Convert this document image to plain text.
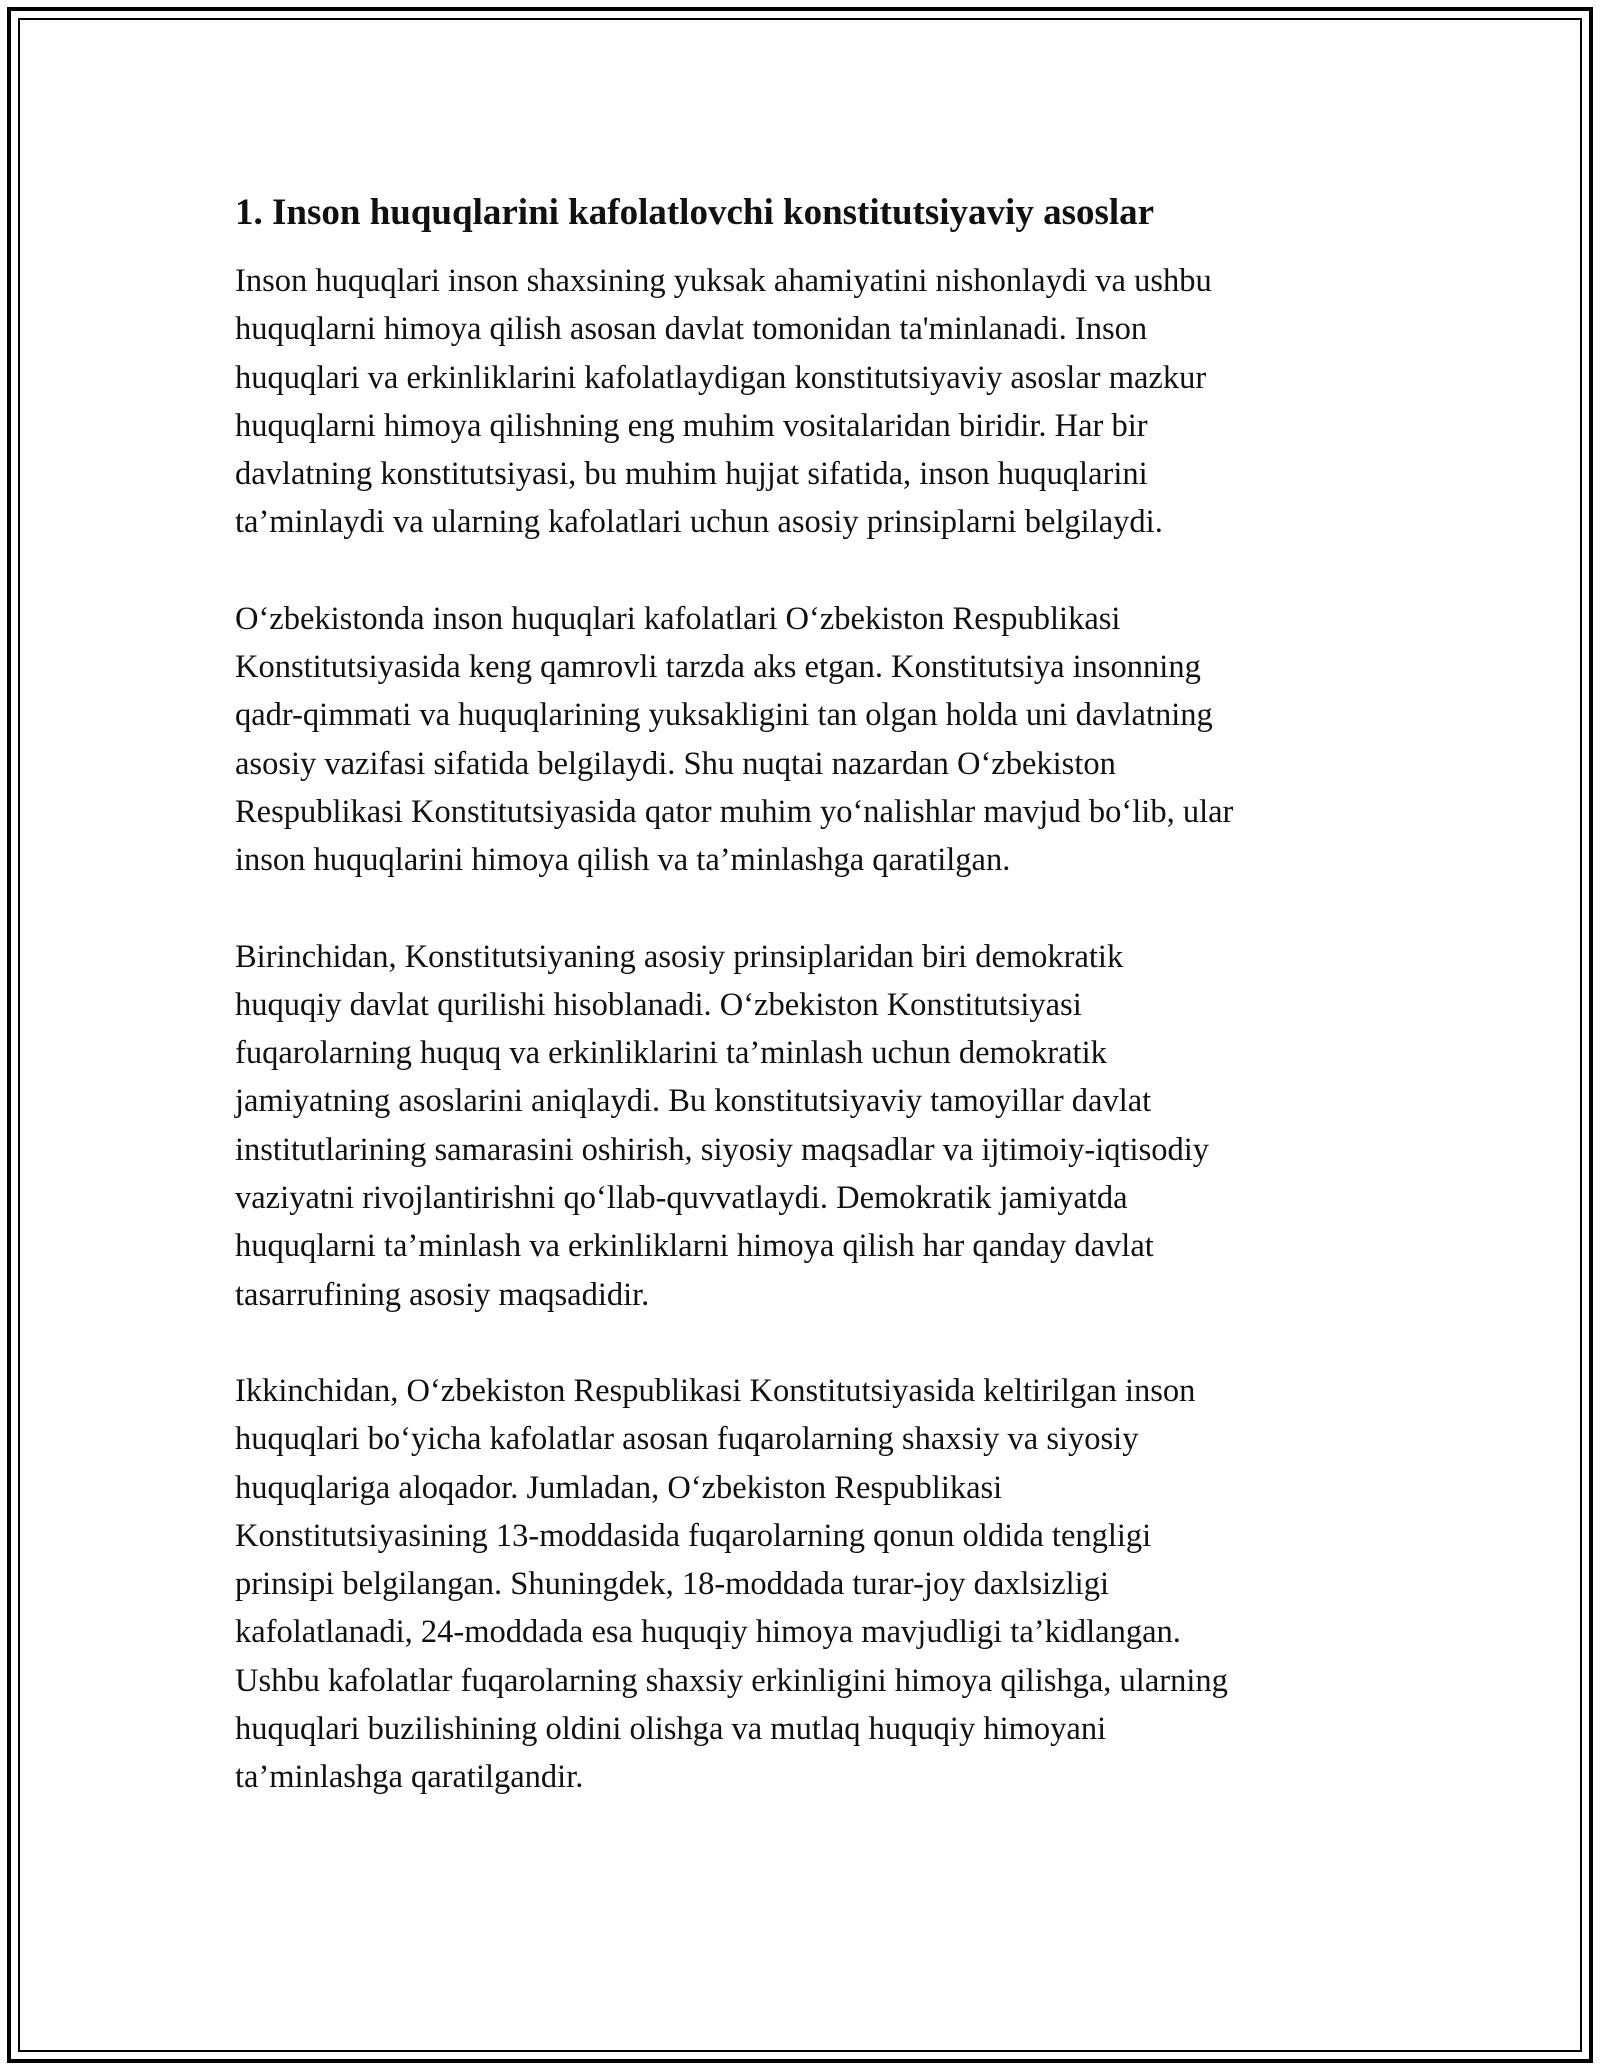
1. Inson huquqlarini kafolatlovchi konstitutsiyaviy asoslar

Inson huquqlari inson shaxsining yuksak ahamiyatini nishonlaydi va ushbu
huquqlarni himoya qilish asosan davlat tomonidan ta'minlanadi. Inson
huquqlari va erkinliklarini kafolatlaydigan konstitutsiyaviy asoslar mazkur
huquqlarni himoya qilishning eng muhim vositalaridan biridir. Har bir
davlatning konstitutsiyasi, bu muhim hujjat sifatida, inson huquqlarini
ta’minlaydi va ularning kafolatlari uchun asosiy prinsiplarni belgilaydi.

O‘zbekistonda inson huquqlari kafolatlari O‘zbekiston Respublikasi
Konstitutsiyasida keng qamrovli tarzda aks etgan. Konstitutsiya insonning
qadr-qimmati va huquqlarining yuksakligini tan olgan holda uni davlatning
asosiy vazifasi sifatida belgilaydi. Shu nuqtai nazardan O‘zbekiston
Respublikasi Konstitutsiyasida qator muhim yo‘nalishlar mavjud bo‘lib, ular
inson huquqlarini himoya qilish va ta’minlashga qaratilgan.

Birinchidan, Konstitutsiyaning asosiy prinsiplaridan biri demokratik
huquqiy davlat qurilishi hisoblanadi. O‘zbekiston Konstitutsiyasi
fuqarolarning huquq va erkinliklarini ta’minlash uchun demokratik
jamiyatning asoslarini aniqlaydi. Bu konstitutsiyaviy tamoyillar davlat
institutlarining samarasini oshirish, siyosiy maqsadlar va ijtimoiy-iqtisodiy
vaziyatni rivojlantirishni qo‘llab-quvvatlaydi. Demokratik jamiyatda
huquqlarni ta’minlash va erkinliklarni himoya qilish har qanday davlat
tasarrufining asosiy maqsadidir.

Ikkinchidan, O‘zbekiston Respublikasi Konstitutsiyasida keltirilgan inson
huquqlari bo‘yicha kafolatlar asosan fuqarolarning shaxsiy va siyosiy
huquqlariga aloqador. Jumladan, O‘zbekiston Respublikasi
Konstitutsiyasining 13-moddasida fuqarolarning qonun oldida tengligi
prinsipi belgilangan. Shuningdek, 18-moddada turar-joy daxlsizligi
kafolatlanadi, 24-moddada esa huquqiy himoya mavjudligi ta’kidlangan.
Ushbu kafolatlar fuqarolarning shaxsiy erkinligini himoya qilishga, ularning
huquqlari buzilishining oldini olishga va mutlaq huquqiy himoyani
ta’minlashga qaratilgandir.
